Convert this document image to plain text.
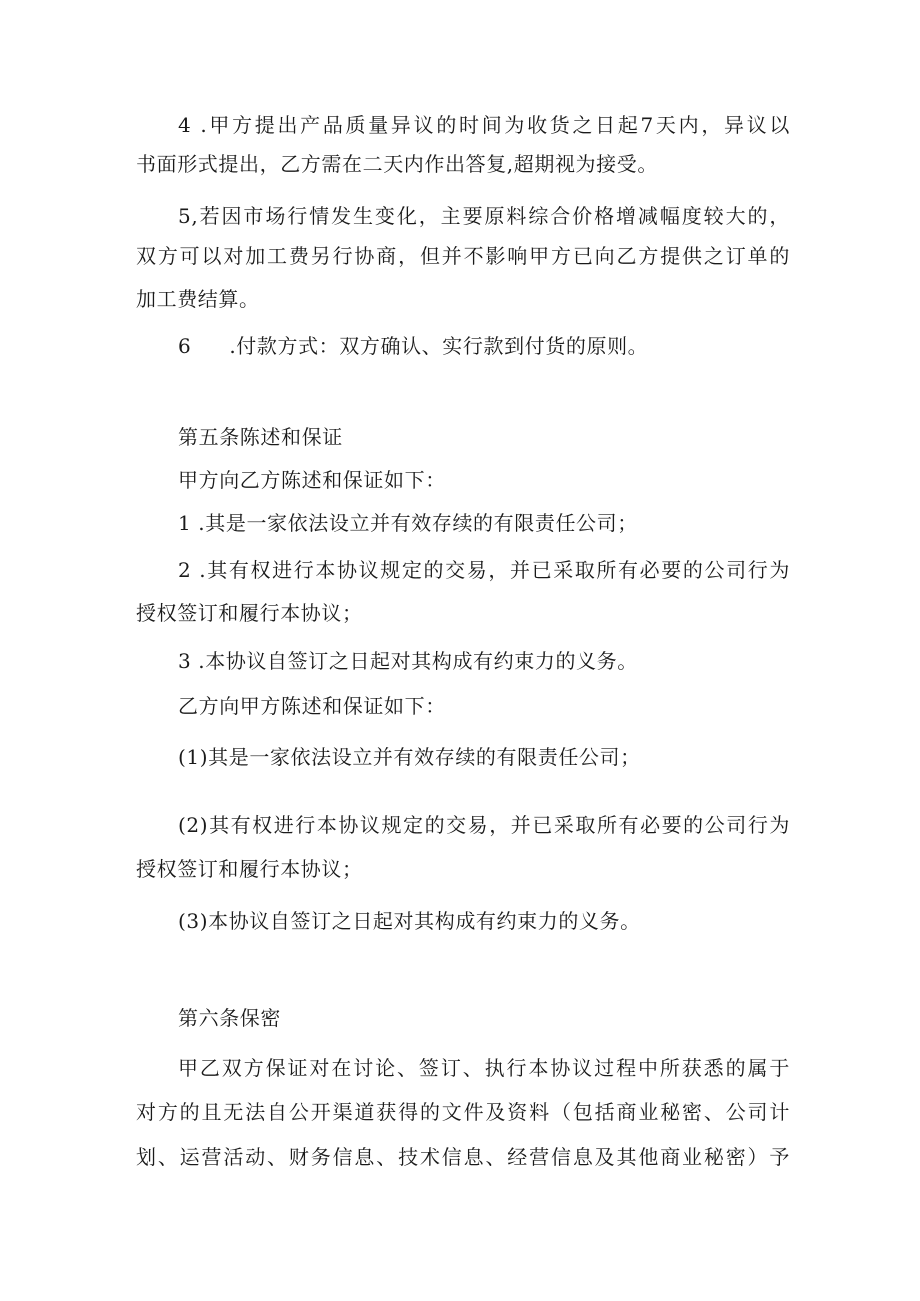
4 .甲方提出产品质量异议的时间为收货之日起7天内，异议以
书面形式提出，乙方需在二天内作出答复,超期视为接受。
5,若因市场行情发生变化，主要原料综合价格增减幅度较大的，
双方可以对加工费另行协商，但并不影响甲方已向乙方提供之订单的
加工费结算。
6 .付款方式：双方确认、实行款到付货的原则。
第五条陈述和保证
甲方向乙方陈述和保证如下：
1 .其是一家依法设立并有效存续的有限责任公司；
2 .其有权进行本协议规定的交易，并已采取所有必要的公司行为
授权签订和履行本协议；
3 .本协议自签订之日起对其构成有约束力的义务。
乙方向甲方陈述和保证如下：
(1)其是一家依法设立并有效存续的有限责任公司；
(2)其有权进行本协议规定的交易，并已采取所有必要的公司行为
授权签订和履行本协议；
(3)本协议自签订之日起对其构成有约束力的义务。
第六条保密
甲乙双方保证对在讨论、签订、执行本协议过程中所获悉的属于
对方的且无法自公开渠道获得的文件及资料（包括商业秘密、公司计
划、运营活动、财务信息、技术信息、经营信息及其他商业秘密）予
